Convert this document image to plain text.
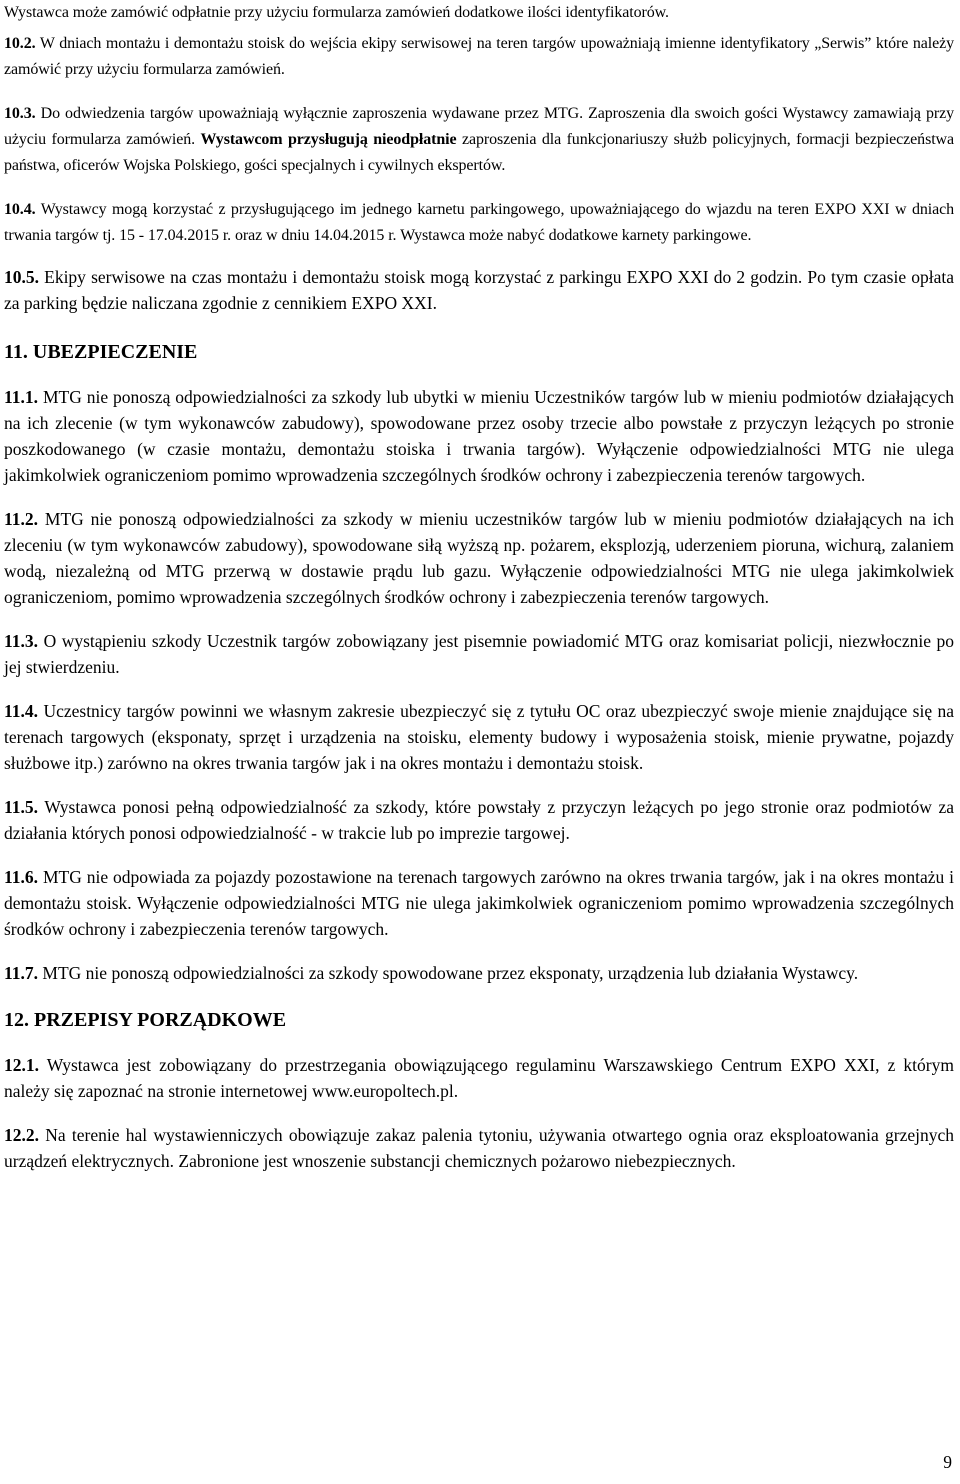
Wystawca może zamówić odpłatnie przy użyciu formularza zamówień dodatkowe ilości identyfikatorów.

10.2. W dniach montażu i demontażu stoisk do wejścia ekipy serwisowej na teren targów upoważniają imienne identyfikatory „Serwis” które należy zamówić przy użyciu formularza zamówień.

10.3. Do odwiedzenia targów upoważniają wyłącznie zaproszenia wydawane przez MTG. Zaproszenia dla swoich gości Wystawcy zamawiają przy użyciu formularza zamówień. Wystawcom przysługują nieodpłatnie zaproszenia dla funkcjonariuszy służb policyjnych, formacji bezpieczeństwa państwa, oficerów Wojska Polskiego, gości specjalnych i cywilnych ekspertów.

10.4. Wystawcy mogą korzystać z przysługującego im jednego karnetu parkingowego, upoważniającego do wjazdu na teren EXPO XXI w dniach trwania targów tj. 15 - 17.04.2015 r. oraz w dniu 14.04.2015 r. Wystawca może nabyć dodatkowe karnety parkingowe.

10.5. Ekipy serwisowe na czas montażu i demontażu stoisk mogą korzystać z parkingu EXPO XXI do 2 godzin. Po tym czasie opłata za parking będzie naliczana zgodnie z cennikiem EXPO XXI.

11. UBEZPIECZENIE

11.1. MTG nie ponoszą odpowiedzialności za szkody lub ubytki w mieniu Uczestników targów lub w mieniu podmiotów działających na ich zlecenie (w tym wykonawców zabudowy), spowodowane przez osoby trzecie albo powstałe z przyczyn leżących po stronie poszkodowanego (w czasie montażu, demontażu stoiska i trwania targów). Wyłączenie odpowiedzialności MTG nie ulega jakimkolwiek ograniczeniom pomimo wprowadzenia szczególnych środków ochrony i zabezpieczenia terenów targowych.

11.2. MTG nie ponoszą odpowiedzialności za szkody w mieniu uczestników targów lub w mieniu podmiotów działających na ich zleceniu (w tym wykonawców zabudowy), spowodowane siłą wyższą np. pożarem, eksplozją, uderzeniem pioruna, wichurą, zalaniem wodą, niezależną od MTG przerwą w dostawie prądu lub gazu. Wyłączenie odpowiedzialności MTG nie ulega jakimkolwiek ograniczeniom, pomimo wprowadzenia szczególnych środków ochrony i zabezpieczenia terenów targowych.

11.3. O wystąpieniu szkody Uczestnik targów zobowiązany jest pisemnie powiadomić MTG oraz komisariat policji, niezwłocznie po jej stwierdzeniu.

11.4. Uczestnicy targów powinni we własnym zakresie ubezpieczyć się z tytułu OC oraz ubezpieczyć swoje mienie znajdujące się na terenach targowych (eksponaty, sprzęt i urządzenia na stoisku, elementy budowy i wyposażenia stoisk, mienie prywatne, pojazdy służbowe itp.) zarówno na okres trwania targów jak i na okres montażu i demontażu stoisk.

11.5. Wystawca ponosi pełną odpowiedzialność za szkody, które powstały z przyczyn leżących po jego stronie oraz podmiotów za działania których ponosi odpowiedzialność - w trakcie lub po imprezie targowej.

11.6. MTG nie odpowiada za pojazdy pozostawione na terenach targowych zarówno na okres trwania targów, jak i na okres montażu i demontażu stoisk. Wyłączenie odpowiedzialności MTG nie ulega jakimkolwiek ograniczeniom pomimo wprowadzenia szczególnych środków ochrony i zabezpieczenia terenów targowych.

11.7. MTG nie ponoszą odpowiedzialności za szkody spowodowane przez eksponaty, urządzenia lub działania Wystawcy.

12. PRZEPISY PORZĄDKOWE

12.1. Wystawca jest zobowiązany do przestrzegania obowiązującego regulaminu Warszawskiego Centrum EXPO XXI, z którym należy się zapoznać na stronie internetowej www.europoltech.pl.

12.2. Na terenie hal wystawienniczych obowiązuje zakaz palenia tytoniu, używania otwartego ognia oraz eksploatowania grzejnych urządzeń elektrycznych. Zabronione jest wnoszenie substancji chemicznych pożarowo niebezpiecznych.

9
